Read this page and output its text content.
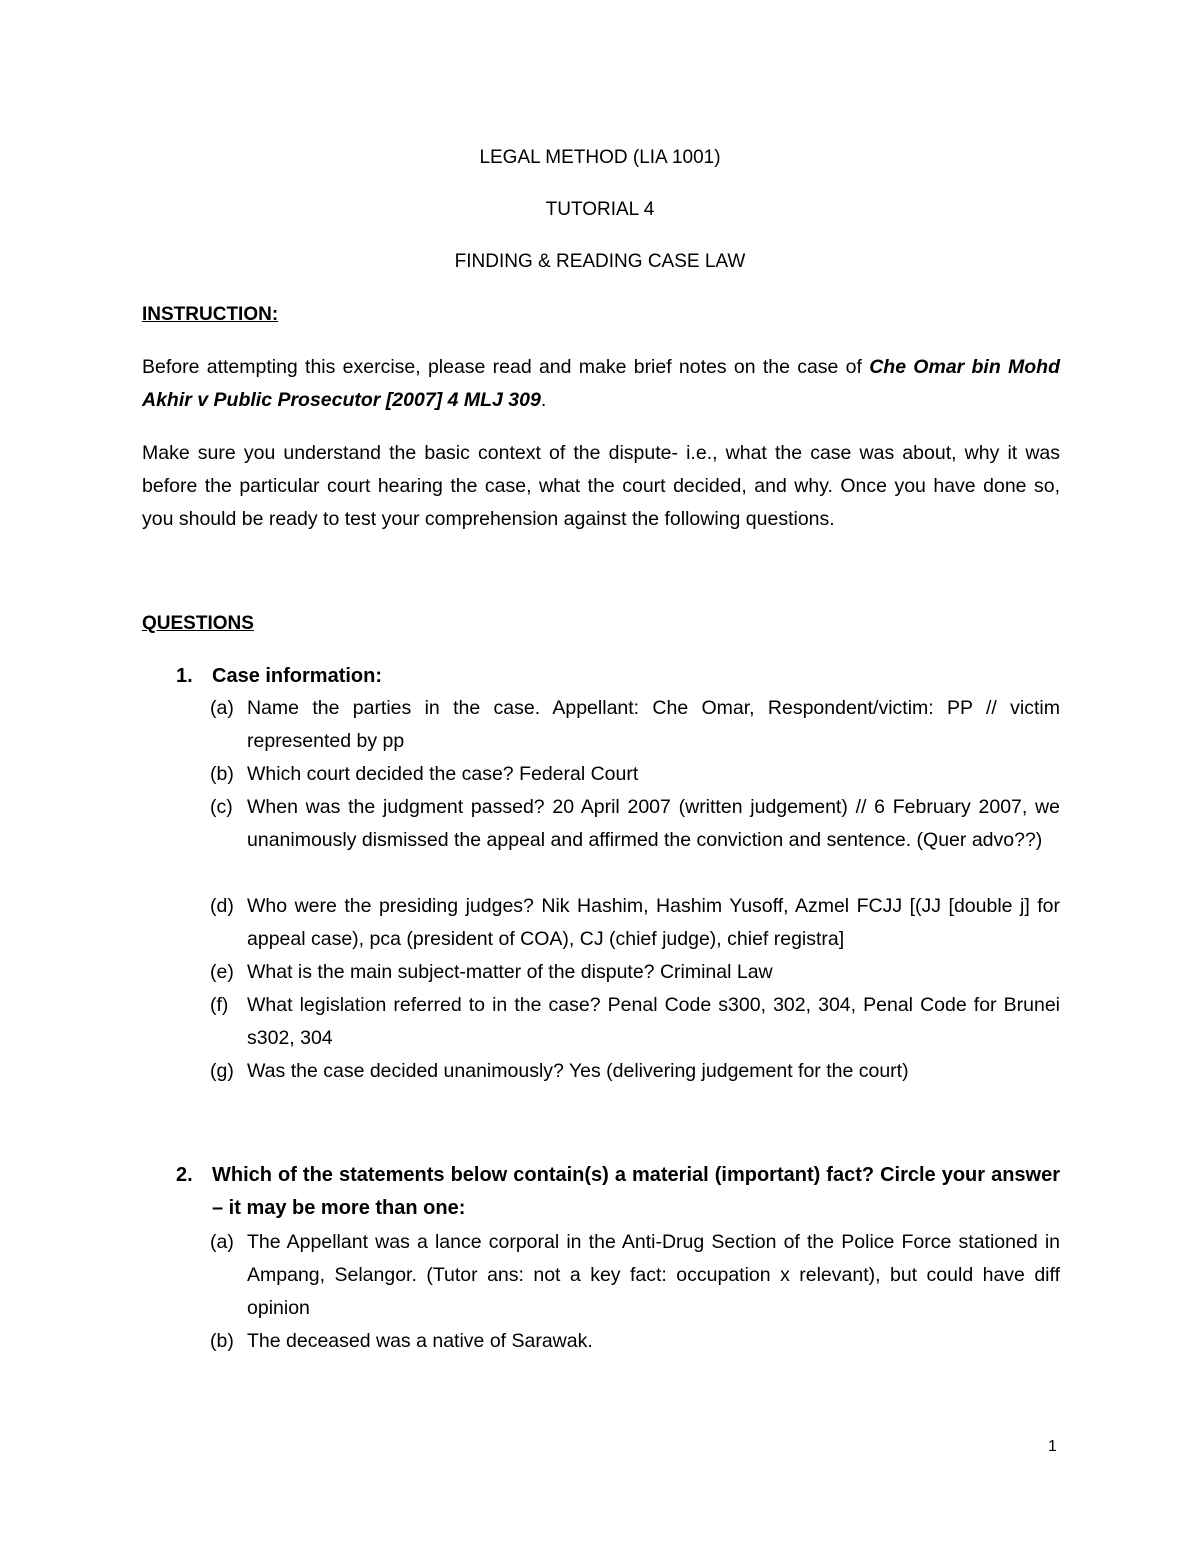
LEGAL METHOD (LIA 1001)
TUTORIAL 4
FINDING & READING CASE LAW
INSTRUCTION:
Before attempting this exercise, please read and make brief notes on the case of Che Omar bin Mohd Akhir v Public Prosecutor [2007] 4 MLJ 309.
Make sure you understand the basic context of the dispute- i.e., what the case was about, why it was before the particular court hearing the case, what the court decided, and why. Once you have done so, you should be ready to test your comprehension against the following questions.
QUESTIONS
1. Case information:
(a) Name the parties in the case. Appellant: Che Omar, Respondent/victim: PP // victim represented by pp
(b) Which court decided the case? Federal Court
(c) When was the judgment passed? 20 April 2007 (written judgement) // 6 February 2007, we unanimously dismissed the appeal and affirmed the conviction and sentence. (Quer advo??)
(d) Who were the presiding judges? Nik Hashim, Hashim Yusoff, Azmel FCJJ [(JJ [double j] for appeal case), pca (president of COA), CJ (chief judge), chief registra]
(e) What is the main subject-matter of the dispute? Criminal Law
(f) What legislation referred to in the case? Penal Code s300, 302, 304, Penal Code for Brunei s302, 304
(g) Was the case decided unanimously? Yes (delivering judgement for the court)
2. Which of the statements below contain(s) a material (important) fact? Circle your answer – it may be more than one:
(a) The Appellant was a lance corporal in the Anti-Drug Section of the Police Force stationed in Ampang, Selangor. (Tutor ans: not a key fact: occupation x relevant), but could have diff opinion
(b) The deceased was a native of Sarawak.
1
